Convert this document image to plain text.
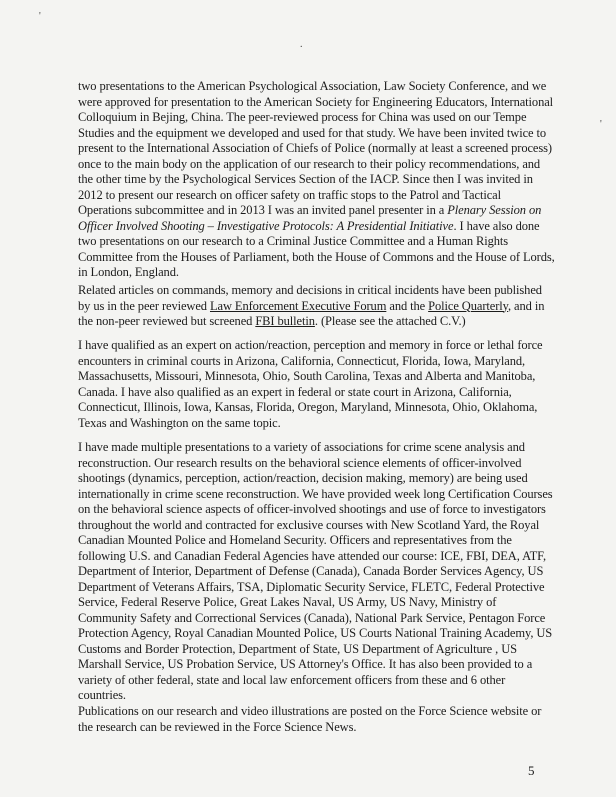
'
.
'

two presentations to the American Psychological Association, Law Society Conference, and we were approved for presentation to the American Society for Engineering Educators, International Colloquium in Bejing, China. The peer-reviewed process for China was used on our Tempe Studies and the equipment we developed and used for that study. We have been invited twice to present to the International Association of Chiefs of Police (normally at least a screened process) once to the main body on the application of our research to their policy recommendations, and the other time by the Psychological Services Section of the IACP. Since then I was invited in 2012 to present our research on officer safety on traffic stops to the Patrol and Tactical Operations subcommittee and in 2013 I was an invited panel presenter in a Plenary Session on Officer Involved Shooting – Investigative Protocols: A Presidential Initiative. I have also done two presentations on our research to a Criminal Justice Committee and a Human Rights Committee from the Houses of Parliament, both the House of Commons and the House of Lords, in London, England.

Related articles on commands, memory and decisions in critical incidents have been published by us in the peer reviewed Law Enforcement Executive Forum and the Police Quarterly, and in the non-peer reviewed but screened FBI bulletin. (Please see the attached C.V.)

I have qualified as an expert on action/reaction, perception and memory in force or lethal force encounters in criminal courts in Arizona, California, Connecticut, Florida, Iowa, Maryland, Massachusetts, Missouri, Minnesota, Ohio, South Carolina, Texas and Alberta and Manitoba, Canada. I have also qualified as an expert in federal or state court in Arizona, California, Connecticut, Illinois, Iowa, Kansas, Florida, Oregon, Maryland, Minnesota, Ohio, Oklahoma, Texas and Washington on the same topic.

I have made multiple presentations to a variety of associations for crime scene analysis and reconstruction. Our research results on the behavioral science elements of officer-involved shootings (dynamics, perception, action/reaction, decision making, memory) are being used internationally in crime scene reconstruction. We have provided week long Certification Courses on the behavioral science aspects of officer-involved shootings and use of force to investigators throughout the world and contracted for exclusive courses with New Scotland Yard, the Royal Canadian Mounted Police and Homeland Security. Officers and representatives from the following U.S. and Canadian Federal Agencies have attended our course: ICE, FBI, DEA, ATF, Department of Interior, Department of Defense (Canada), Canada Border Services Agency, US Department of Veterans Affairs, TSA, Diplomatic Security Service, FLETC, Federal Protective Service, Federal Reserve Police, Great Lakes Naval, US Army, US Navy, Ministry of Community Safety and Correctional Services (Canada), National Park Service, Pentagon Force Protection Agency, Royal Canadian Mounted Police, US Courts National Training Academy, US Customs and Border Protection, Department of State, US Department of Agriculture , US Marshall Service, US Probation Service, US Attorney's Office. It has also been provided to a variety of other federal, state and local law enforcement officers from these and 6 other countries.

Publications on our research and video illustrations are posted on the Force Science website or the research can be reviewed in the Force Science News.

5
